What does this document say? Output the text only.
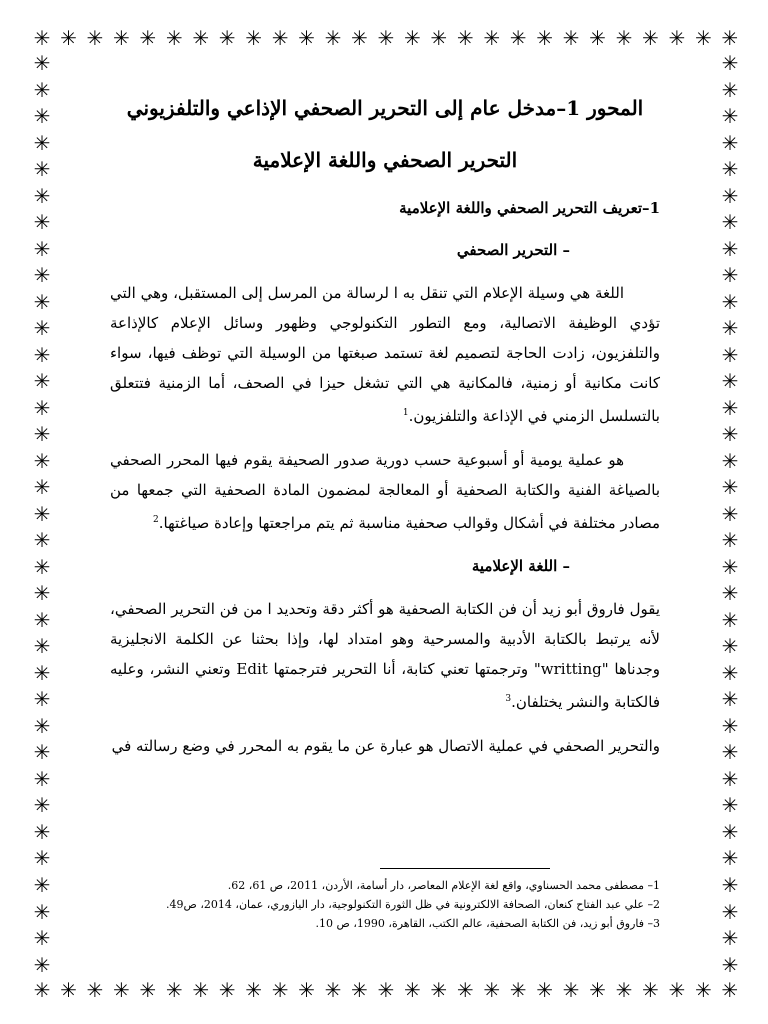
✳ ✳ ✳ ✳ ✳ ✳ ✳ ✳ ✳ ✳ ✳ ✳ ✳ ✳ ✳ ✳ ✳ ✳ ✳ ✳ ✳ ✳ ✳ ✳ ✳ ✳ ✳
✳ ✳ ✳ ✳ ✳ ✳ ✳ ✳ ✳ ✳ ✳ ✳ ✳ ✳ ✳ ✳ ✳ ✳ ✳ ✳ ✳ ✳ ✳ ✳ ✳ ✳ ✳
✳
✳
✳
✳
✳
✳
✳
✳
✳
✳
✳
✳
✳
✳
✳
✳
✳
✳
✳
✳
✳
✳
✳
✳
✳
✳
✳
✳
✳
✳
✳
✳
✳
✳
✳
✳
✳
✳
✳
✳
✳
✳
✳
✳
✳
✳
✳
✳
✳
✳
✳
✳
✳
✳
✳
✳
✳
✳
✳
✳
✳
✳
✳
✳
✳
✳
✳
✳
✳
✳
المحور 1–مدخل عام إلى التحرير الصحفي الإذاعي والتلفزيوني
التحرير الصحفي واللغة الإعلامية

1–تعريف التحرير الصحفي واللغة الإعلامية

– التحرير الصحفي

اللغة هي وسيلة الإعلام التي تنقل به ا لرسالة من المرسل إلى المستقبل، وهي التي تؤدي الوظيفة الاتصالية، ومع التطور التكنولوجي وظهور وسائل الإعلام كالإذاعة والتلفزيون، زادت الحاجة لتصميم لغة تستمد صبغتها من الوسيلة التي توظف فيها، سواء كانت مكانية أو زمنية، فالمكانية هي التي تشغل حيزا في الصحف، أما الزمنية فتتعلق بالتسلسل الزمني في الإذاعة والتلفزيون.$^1$

هو عملية يومية أو أسبوعية حسب دورية صدور الصحيفة يقوم فيها المحرر الصحفي بالصياغة الفنية والكتابة الصحفية أو المعالجة لمضمون المادة الصحفية التي جمعها من مصادر مختلفة في أشكال وقوالب صحفية مناسبة ثم يتم مراجعتها وإعادة صياغتها.$^2$

– اللغة الإعلامية

يقول فاروق أبو زيد أن فن الكتابة الصحفية هو أكثر دقة وتحديد ا من فن التحرير الصحفي، لأنه يرتبط بالكتابة الأدبية والمسرحية وهو امتداد لها، وإذا بحثنا عن الكلمة الانجليزية وجدناها "writting" وترجمتها تعني كتابة، أنا التحرير فترجمتها Edit وتعني النشر، وعليه فالكتابة والنشر يختلفان.$^3$

والتحرير الصحفي في عملية الاتصال هو عبارة عن ما يقوم به المحرر في وضع رسالته في

1– مصطفى محمد الحسناوي، واقع لغة الإعلام المعاصر، دار أسامة، الأردن، 2011، ص 61، 62.

2– علي عبد الفتاح كنعان، الصحافة الالكترونية في ظل الثورة التكنولوجية، دار اليازوري، عمان، 2014، ص49.

3– فاروق أبو زيد، فن الكتابة الصحفية، عالم الكتب، القاهرة، 1990، ص 10.
